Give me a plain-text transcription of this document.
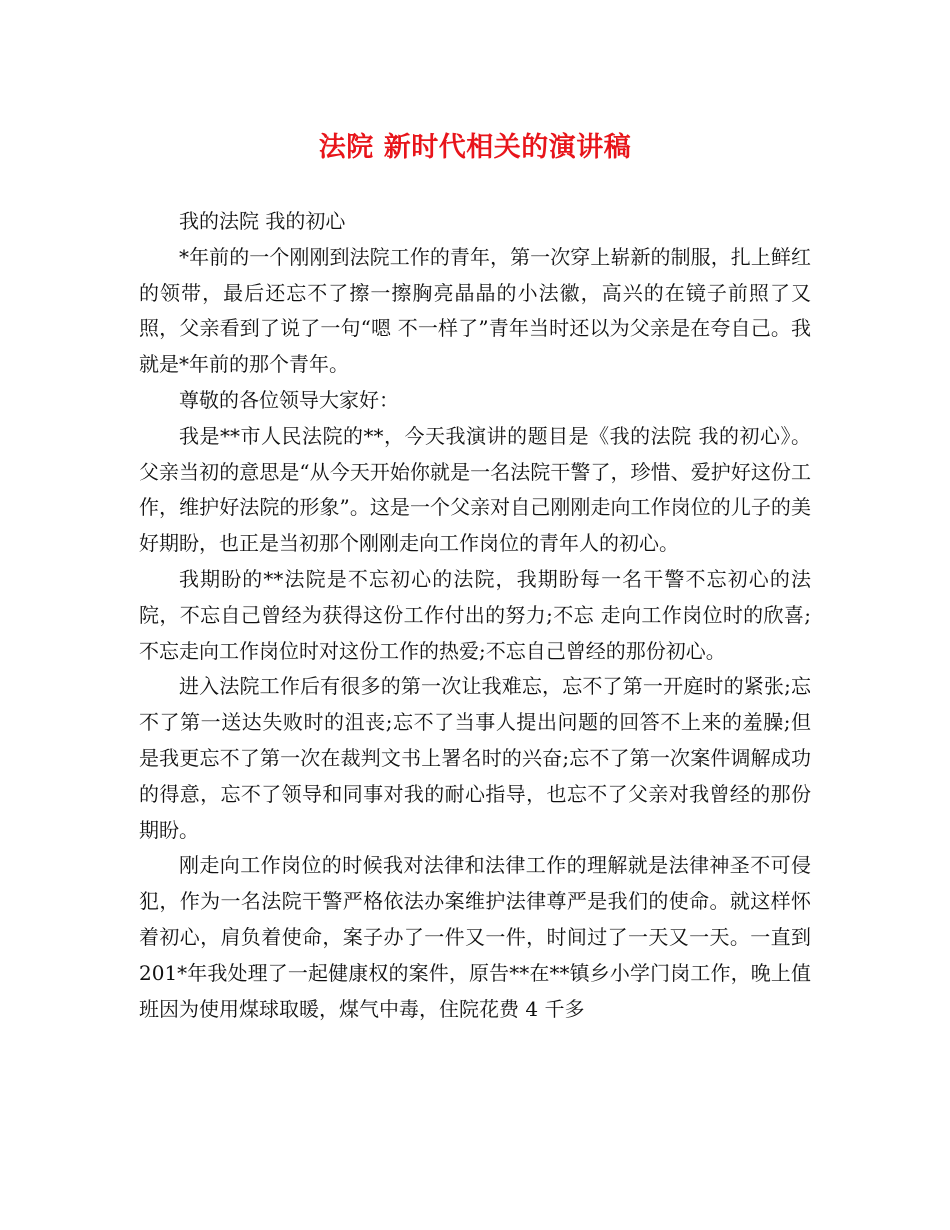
法院 新时代相关的演讲稿

我的法院 我的初心

*年前的一个刚刚到法院工作的青年，第一次穿上崭新的制服，扎上鲜红的领带，最后还忘不了擦一擦胸亮晶晶的小法徽，高兴的在镜子前照了又照，父亲看到了说了一句“嗯 不一样了”青年当时还以为父亲是在夸自己。我就是*年前的那个青年。

尊敬的各位领导大家好：

我是**市人民法院的**，今天我演讲的题目是《我的法院 我的初心》。父亲当初的意思是“从今天开始你就是一名法院干警了，珍惜、爱护好这份工作，维护好法院的形象”。这是一个父亲对自己刚刚走向工作岗位的儿子的美好期盼，也正是当初那个刚刚走向工作岗位的青年人的初心。

我期盼的**法院是不忘初心的法院，我期盼每一名干警不忘初心的法院，不忘自己曾经为获得这份工作付出的努力;不忘 走向工作岗位时的欣喜;不忘走向工作岗位时对这份工作的热爱;不忘自己曾经的那份初心。

进入法院工作后有很多的第一次让我难忘，忘不了第一开庭时的紧张;忘不了第一送达失败时的沮丧;忘不了当事人提出问题的回答不上来的羞臊;但是我更忘不了第一次在裁判文书上署名时的兴奋;忘不了第一次案件调解成功的得意，忘不了领导和同事对我的耐心指导，也忘不了父亲对我曾经的那份期盼。

刚走向工作岗位的时候我对法律和法律工作的理解就是法律神圣不可侵犯，作为一名法院干警严格依法办案维护法律尊严是我们的使命。就这样怀着初心，肩负着使命，案子办了一件又一件，时间过了一天又一天。一直到201*年我处理了一起健康权的案件，原告**在**镇乡小学门岗工作，晚上值班因为使用煤球取暖，煤气中毒，住院花费 4 千多
